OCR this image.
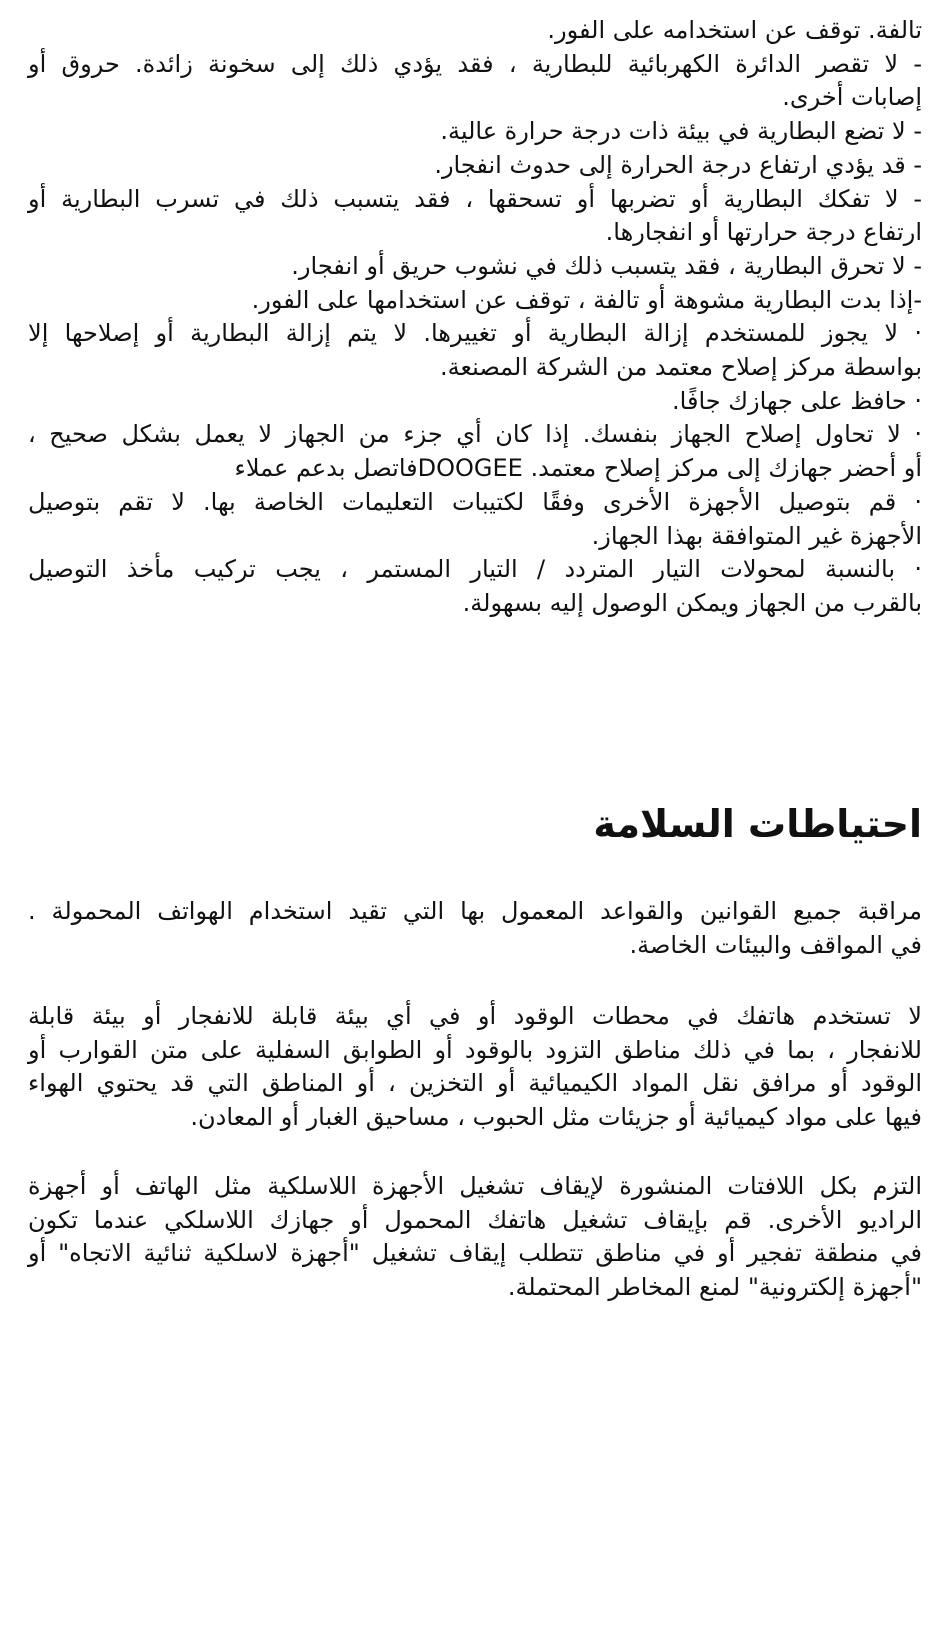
تالفة. توقف عن استخدامه على الفور.
- لا تقصر الدائرة الكهربائية للبطارية ، فقد يؤدي ذلك إلى سخونة زائدة. حروق أو
إصابات أخرى.
- لا تضع البطارية في بيئة ذات درجة حرارة عالية.
- قد يؤدي ارتفاع درجة الحرارة إلى حدوث انفجار.
- لا تفكك البطارية أو تضربها أو تسحقها ، فقد يتسبب ذلك في تسرب البطارية أو
ارتفاع درجة حرارتها أو انفجارها.
- لا تحرق البطارية ، فقد يتسبب ذلك في نشوب حريق أو انفجار.
-إذا بدت البطارية مشوهة أو تالفة ، توقف عن استخدامها على الفور.
· لا يجوز للمستخدم إزالة البطارية أو تغييرها. لا يتم إزالة البطارية أو إصلاحها إلا
بواسطة مركز إصلاح معتمد من الشركة المصنعة.
· حافظ على جهازك جافًا.
· لا تحاول إصلاح الجهاز بنفسك. إذا كان أي جزء من الجهاز لا يعمل بشكل صحيح ،
أو أحضر جهازك إلى مركز إصلاح معتمد. DOOGEEفاتصل بدعم عملاء
· قم بتوصيل الأجهزة الأخرى وفقًا لكتيبات التعليمات الخاصة بها. لا تقم بتوصيل
الأجهزة غير المتوافقة بهذا الجهاز.
· بالنسبة لمحولات التيار المتردد / التيار المستمر ، يجب تركيب مأخذ التوصيل
بالقرب من الجهاز ويمكن الوصول إليه بسهولة.
احتياطات السلامة
مراقبة جميع القوانين والقواعد المعمول بها التي تقيد استخدام الهواتف المحمولة .
في المواقف والبيئات الخاصة.
لا تستخدم هاتفك في محطات الوقود أو في أي بيئة قابلة للانفجار أو بيئة قابلة
للانفجار ، بما في ذلك مناطق التزود بالوقود أو الطوابق السفلية على متن القوارب أو
الوقود أو مرافق نقل المواد الكيميائية أو التخزين ، أو المناطق التي قد يحتوي الهواء
فيها على مواد كيميائية أو جزيئات مثل الحبوب ، مساحيق الغبار أو المعادن.
التزم بكل اللافتات المنشورة لإيقاف تشغيل الأجهزة اللاسلكية مثل الهاتف أو أجهزة
الراديو الأخرى. قم بإيقاف تشغيل هاتفك المحمول أو جهازك اللاسلكي عندما تكون
في منطقة تفجير أو في مناطق تتطلب إيقاف تشغيل "أجهزة لاسلكية ثنائية الاتجاه" أو
"أجهزة إلكترونية" لمنع المخاطر المحتملة.
